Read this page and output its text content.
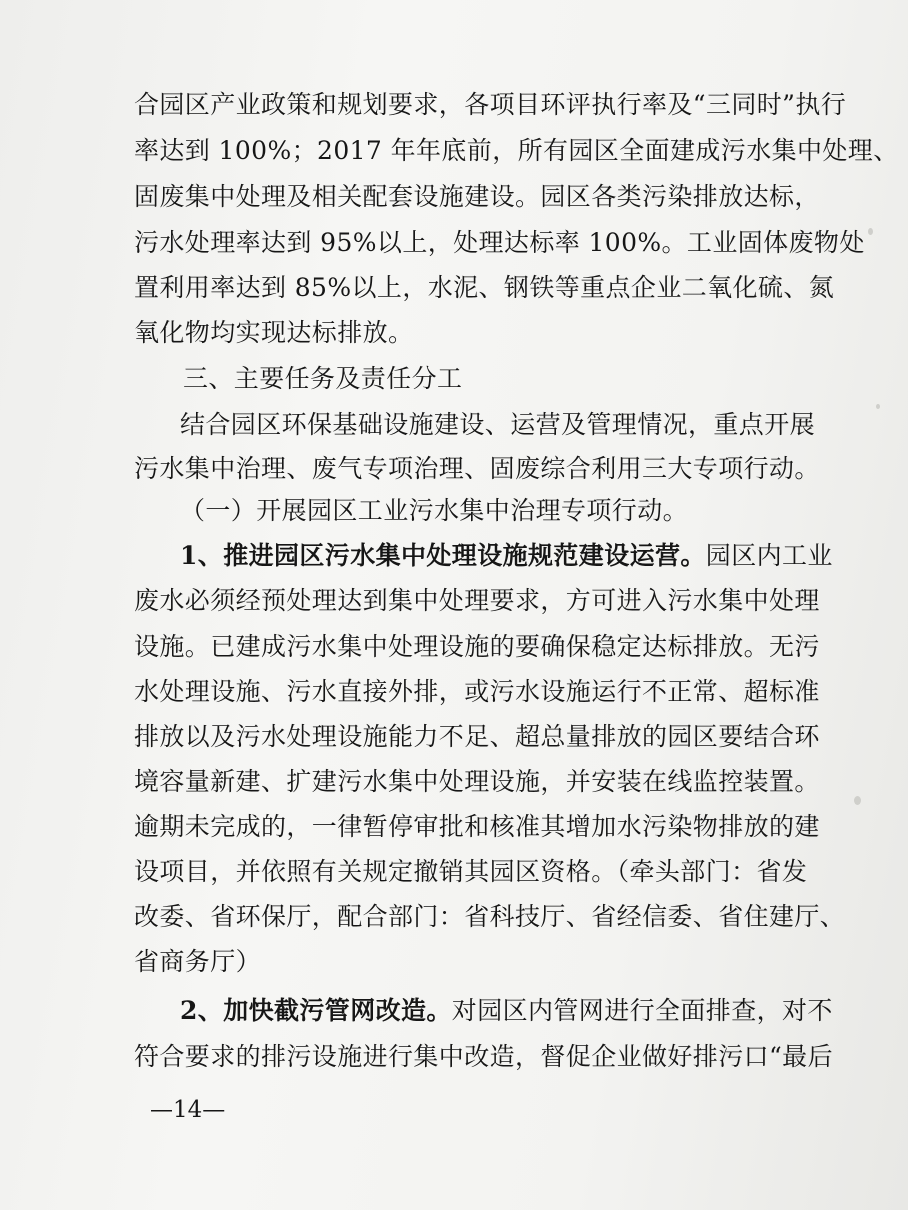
合园区产业政策和规划要求，各项目环评执行率及“三同时”执行
率达到 100%；2017 年年底前，所有园区全面建成污水集中处理、
固废集中处理及相关配套设施建设。园区各类污染排放达标，
污水处理率达到 95%以上，处理达标率 100%。工业固体废物处
置利用率达到 85%以上，水泥、钢铁等重点企业二氧化硫、氮
氧化物均实现达标排放。
三、主要任务及责任分工
结合园区环保基础设施建设、运营及管理情况，重点开展
污水集中治理、废气专项治理、固废综合利用三大专项行动。
（一）开展园区工业污水集中治理专项行动。
1、推进园区污水集中处理设施规范建设运营。园区内工业
废水必须经预处理达到集中处理要求，方可进入污水集中处理
设施。已建成污水集中处理设施的要确保稳定达标排放。无污
水处理设施、污水直接外排，或污水设施运行不正常、超标准
排放以及污水处理设施能力不足、超总量排放的园区要结合环
境容量新建、扩建污水集中处理设施，并安装在线监控装置。
逾期未完成的，一律暂停审批和核准其增加水污染物排放的建
设项目，并依照有关规定撤销其园区资格。（牵头部门：省发
改委、省环保厅，配合部门：省科技厅、省经信委、省住建厅、
省商务厅）
2、加快截污管网改造。对园区内管网进行全面排查，对不
符合要求的排污设施进行集中改造，督促企业做好排污口“最后
—14—
